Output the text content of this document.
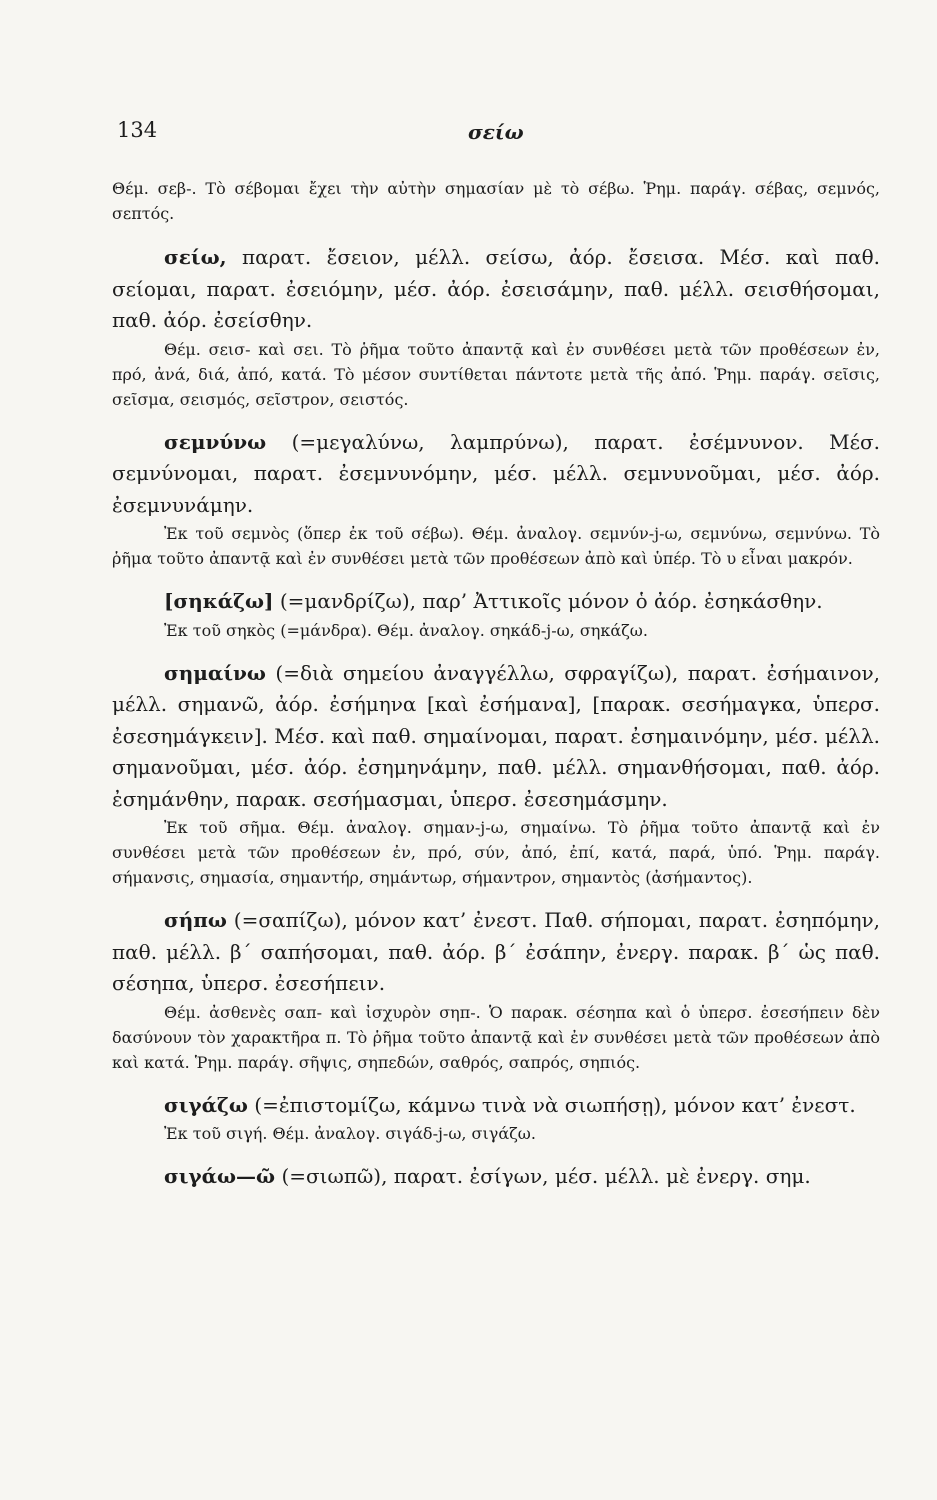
134	σείω

Θέμ. σεβ-. Τὸ σέβομαι ἔχει τὴν αὐτὴν σημασίαν μὲ τὸ σέβω. Ῥημ. παράγ. σέβας, σεμνός, σεπτός.

σείω, παρατ. ἔσειον, μέλλ. σείσω, ἀόρ. ἔσεισα. Μέσ. καὶ παθ. σείομαι, παρατ. ἐσειόμην, μέσ. ἀόρ. ἐσεισάμην, παθ. μέλλ. σεισθήσομαι, παθ. ἀόρ. ἐσείσθην.

Θέμ. σεισ- καὶ σει. Τὸ ῥῆμα τοῦτο ἀπαντᾷ καὶ ἐν συνθέσει μετὰ τῶν προθέσεων ἐν, πρό, ἀνά, διά, ἀπό, κατά. Τὸ μέσον συντίθεται πάντοτε μετὰ τῆς ἀπό. Ῥημ. παράγ. σεῖσις, σεῖσμα, σεισμός, σεῖστρον, σειστός.

σεμνύνω (=μεγαλύνω, λαμπρύνω), παρατ. ἐσέμνυνον. Μέσ. σεμνύνομαι, παρατ. ἐσεμνυνόμην, μέσ. μέλλ. σεμνυνοῦμαι, μέσ. ἀόρ. ἐσεμνυνάμην.

Ἐκ τοῦ σεμνὸς (ὅπερ ἐκ τοῦ σέβω). Θέμ. ἀναλογ. σεμνύν-j-ω, σεμνύνω, σεμνύνω. Τὸ ῥῆμα τοῦτο ἀπαντᾷ καὶ ἐν συνθέσει μετὰ τῶν προθέσεων ἀπὸ καὶ ὑπέρ. Τὸ υ εἶναι μακρόν.

[σηκάζω] (=μανδρίζω), παρ’ Ἀττικοῖς μόνον ὁ ἀόρ. ἐσηκάσθην.

Ἐκ τοῦ σηκὸς (=μάνδρα). Θέμ. ἀναλογ. σηκάδ-j-ω, σηκάζω.

σημαίνω (=διὰ σημείου ἀναγγέλλω, σφραγίζω), παρατ. ἐσήμαινον, μέλλ. σημανῶ, ἀόρ. ἐσήμηνα [καὶ ἐσήμανα], [παρακ. σεσήμαγκα, ὑπερσ. ἐσεσημάγκειν]. Μέσ. καὶ παθ. σημαίνομαι, παρατ. ἐσημαινόμην, μέσ. μέλλ. σημανοῦμαι, μέσ. ἀόρ. ἐσημηνάμην, παθ. μέλλ. σημανθήσομαι, παθ. ἀόρ. ἐσημάνθην, παρακ. σεσήμασμαι, ὑπερσ. ἐσεσημάσμην.

Ἐκ τοῦ σῆμα. Θέμ. ἀναλογ. σημαν-j-ω, σημαίνω. Τὸ ῥῆμα τοῦτο ἀπαντᾷ καὶ ἐν συνθέσει μετὰ τῶν προθέσεων ἐν, πρό, σύν, ἀπό, ἐπί, κατά, παρά, ὑπό. Ῥημ. παράγ. σήμανσις, σημασία, σημαντήρ, σημάντωρ, σήμαντρον, σημαντὸς (ἀσήμαντος).

σήπω (=σαπίζω), μόνον κατ’ ἐνεστ. Παθ. σήπομαι, παρατ. ἐσηπόμην, παθ. μέλλ. β΄ σαπήσομαι, παθ. ἀόρ. β΄ ἐσάπην, ἐνεργ. παρακ. β΄ ὡς παθ. σέσηπα, ὑπερσ. ἐσεσήπειν.

Θέμ. ἀσθενὲς σαπ- καὶ ἰσχυρὸν σηπ-. Ὁ παρακ. σέσηπα καὶ ὁ ὑπερσ. ἐσεσήπειν δὲν δασύνουν τὸν χαρακτῆρα π. Τὸ ῥῆμα τοῦτο ἀπαντᾷ καὶ ἐν συνθέσει μετὰ τῶν προθέσεων ἀπὸ καὶ κατά. Ῥημ. παράγ. σῆψις, σηπεδών, σαθρός, σαπρός, σηπιός.

σιγάζω (=ἐπιστομίζω, κάμνω τινὰ νὰ σιωπήσῃ), μόνον κατ’ ἐνεστ.

Ἐκ τοῦ σιγή. Θέμ. ἀναλογ. σιγάδ-j-ω, σιγάζω.

σιγάω—ῶ (=σιωπῶ), παρατ. ἐσίγων, μέσ. μέλλ. μὲ ἐνεργ. σημ.
